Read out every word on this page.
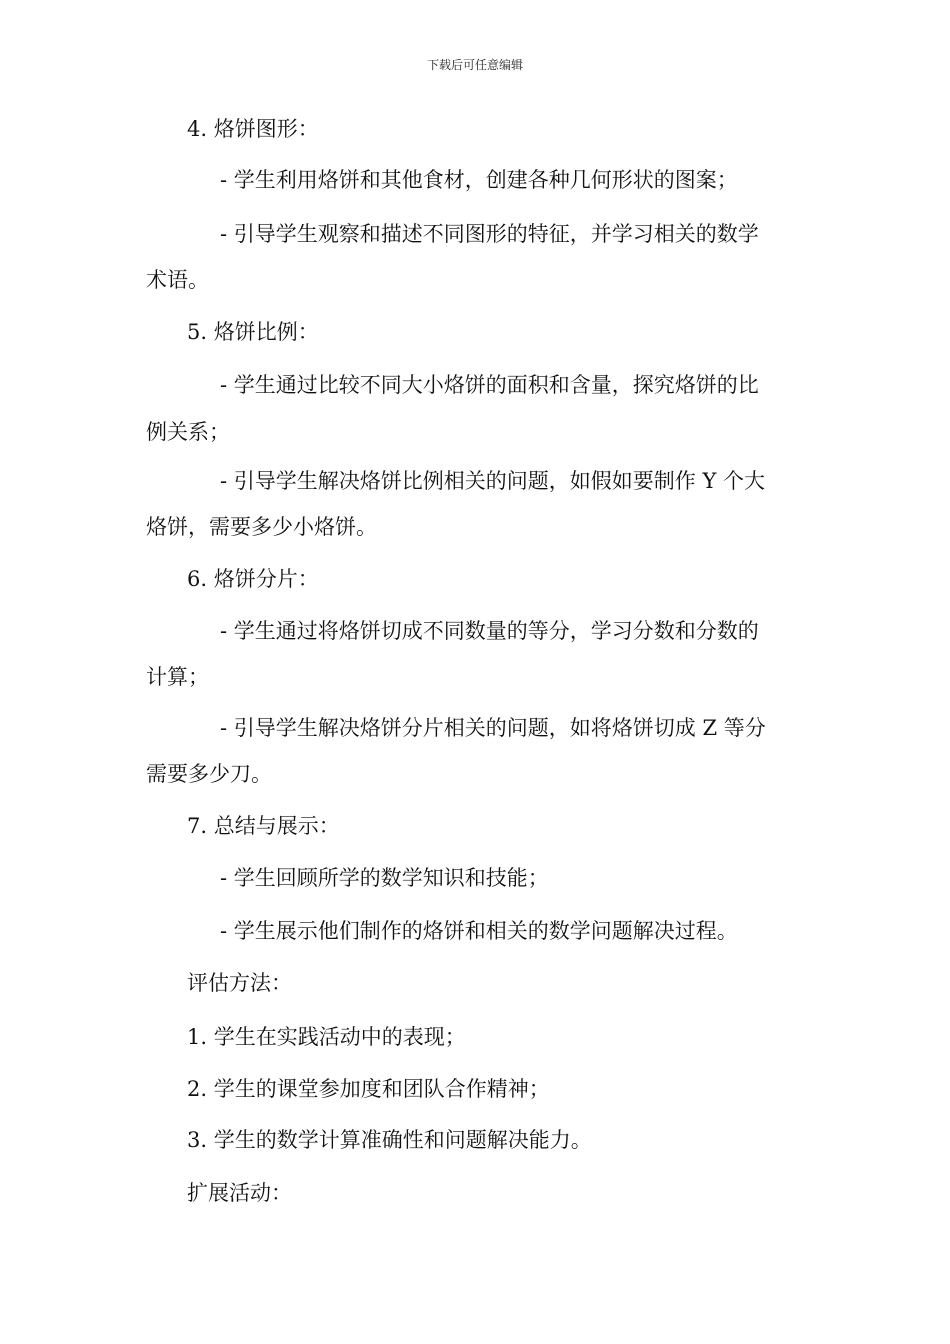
下载后可任意编辑
4. 烙饼图形：
- 学生利用烙饼和其他食材，创建各种几何形状的图案；
- 引导学生观察和描述不同图形的特征，并学习相关的数学
术语。
5. 烙饼比例：
- 学生通过比较不同大小烙饼的面积和含量，探究烙饼的比
例关系；
- 引导学生解决烙饼比例相关的问题，如假如要制作 Y 个大
烙饼，需要多少小烙饼。
6. 烙饼分片：
- 学生通过将烙饼切成不同数量的等分，学习分数和分数的
计算；
- 引导学生解决烙饼分片相关的问题，如将烙饼切成 Z 等分
需要多少刀。
7. 总结与展示：
- 学生回顾所学的数学知识和技能；
- 学生展示他们制作的烙饼和相关的数学问题解决过程。
评估方法：
1. 学生在实践活动中的表现；
2. 学生的课堂参加度和团队合作精神；
3. 学生的数学计算准确性和问题解决能力。
扩展活动：
